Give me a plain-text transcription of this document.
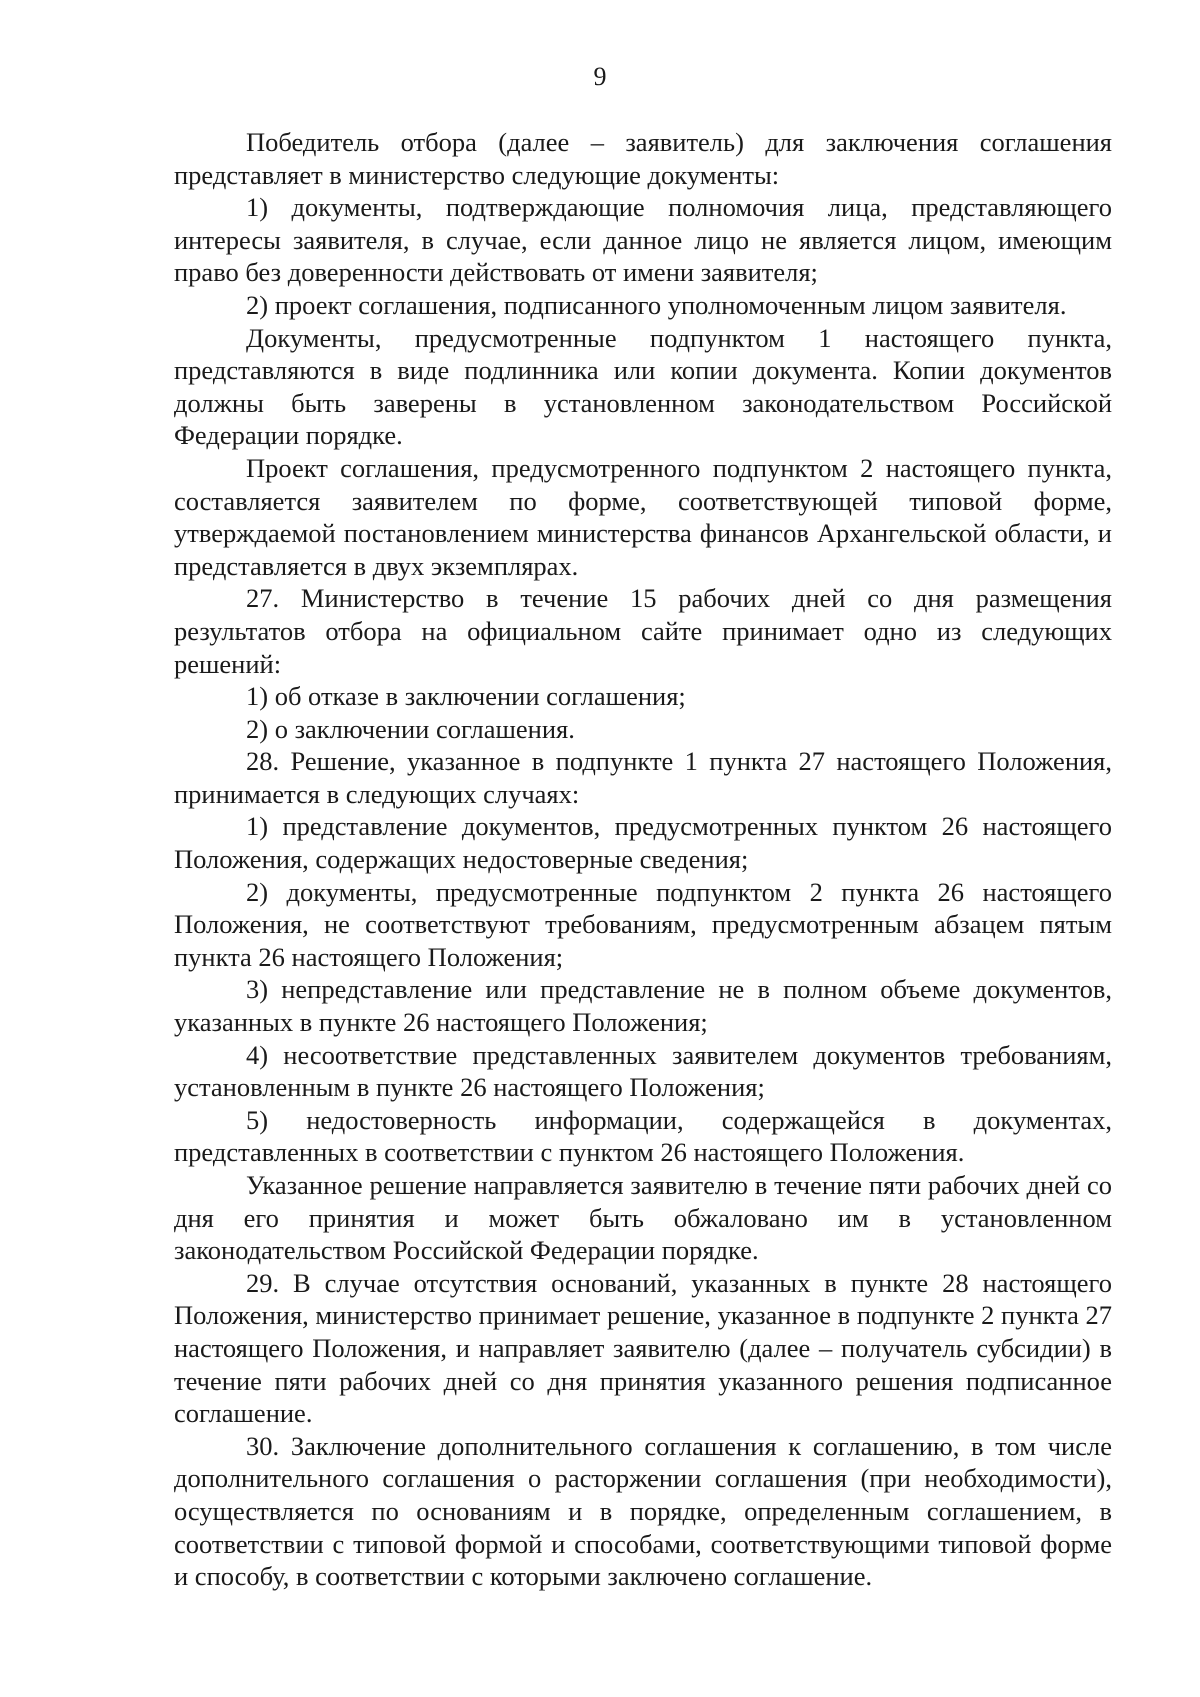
9

Победитель отбора (далее – заявитель) для заключения соглашения представляет в министерство следующие документы:

1) документы, подтверждающие полномочия лица, представляющего интересы заявителя, в случае, если данное лицо не является лицом, имеющим право без доверенности действовать от имени заявителя;

2) проект соглашения, подписанного уполномоченным лицом заявителя.

Документы, предусмотренные подпунктом 1 настоящего пункта, представляются в виде подлинника или копии документа. Копии документов должны быть заверены в установленном законодательством Российской Федерации порядке.

Проект соглашения, предусмотренного подпунктом 2 настоящего пункта, составляется заявителем по форме, соответствующей типовой форме, утверждаемой постановлением министерства финансов Архангельской области, и представляется в двух экземплярах.

27. Министерство в течение 15 рабочих дней со дня размещения результатов отбора на официальном сайте принимает одно из следующих решений:

1) об отказе в заключении соглашения;

2) о заключении соглашения.

28. Решение, указанное в подпункте 1 пункта 27 настоящего Положения, принимается в следующих случаях:

1) представление документов, предусмотренных пунктом 26 настоящего Положения, содержащих недостоверные сведения;

2) документы, предусмотренные подпунктом 2 пункта 26 настоящего Положения, не соответствуют требованиям, предусмотренным абзацем пятым пункта 26 настоящего Положения;

3) непредставление или представление не в полном объеме документов, указанных в пункте 26 настоящего Положения;

4) несоответствие представленных заявителем документов требованиям, установленным в пункте 26 настоящего Положения;

5) недостоверность информации, содержащейся в документах, представленных в соответствии с пунктом 26 настоящего Положения.

Указанное решение направляется заявителю в течение пяти рабочих дней со дня его принятия и может быть обжаловано им в установленном законодательством Российской Федерации порядке.

29. В случае отсутствия оснований, указанных в пункте 28 настоящего Положения, министерство принимает решение, указанное в подпункте 2 пункта 27 настоящего Положения, и направляет заявителю (далее – получатель субсидии) в течение пяти рабочих дней со дня принятия указанного решения подписанное соглашение.

30. Заключение дополнительного соглашения к соглашению, в том числе дополнительного соглашения о расторжении соглашения (при необходимости), осуществляется по основаниям и в порядке, определенным соглашением, в соответствии с типовой формой и способами, соответствующими типовой форме и способу, в соответствии с которыми заключено соглашение.
